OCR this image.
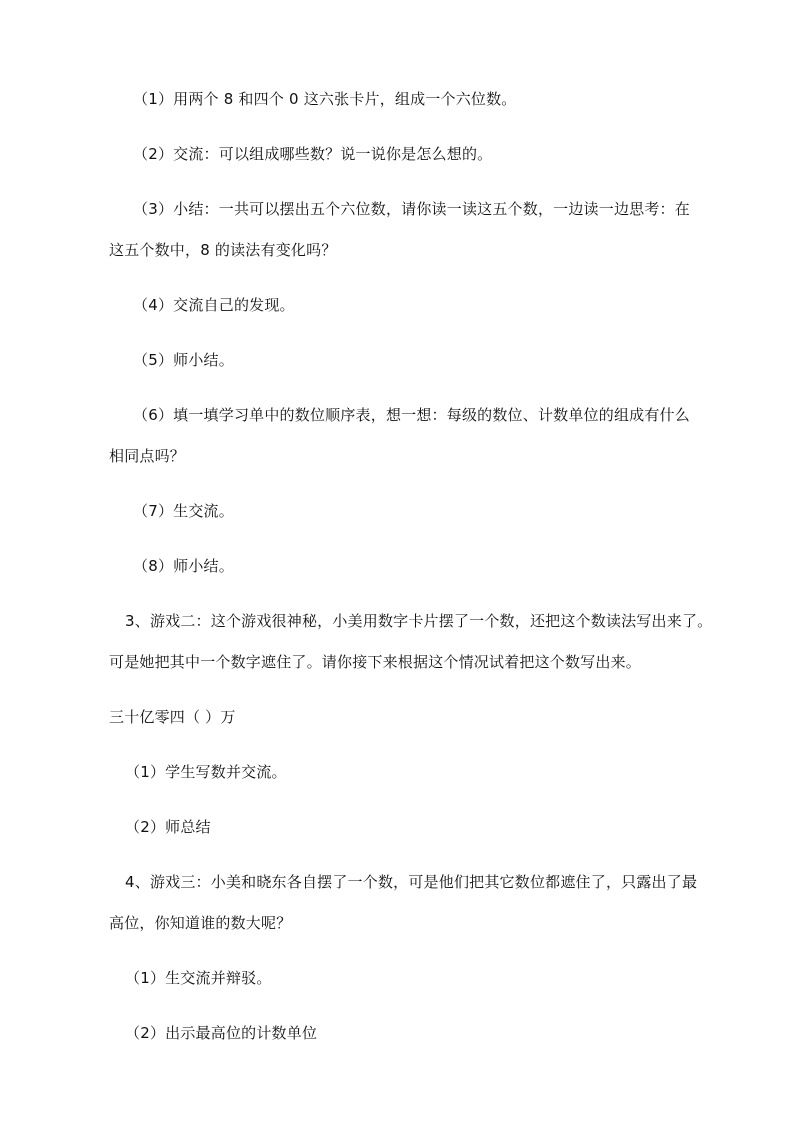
（1）用两个 8 和四个 0 这六张卡片，组成一个六位数。
（2）交流：可以组成哪些数？说一说你是怎么想的。
（3）小结：一共可以摆出五个六位数，请你读一读这五个数，一边读一边思考：在
这五个数中，8 的读法有变化吗？
（4）交流自己的发现。
（5）师小结。
（6）填一填学习单中的数位顺序表，想一想：每级的数位、计数单位的组成有什么
相同点吗？
（7）生交流。
（8）师小结。
3、游戏二：这个游戏很神秘，小美用数字卡片摆了一个数，还把这个数读法写出来了。
可是她把其中一个数字遮住了。请你接下来根据这个情况试着把这个数写出来。
三十亿零四（ ）万
（1）学生写数并交流。
（2）师总结
4、游戏三：小美和晓东各自摆了一个数，可是他们把其它数位都遮住了，只露出了最
高位，你知道谁的数大呢？
（1）生交流并辩驳。
（2）出示最高位的计数单位
